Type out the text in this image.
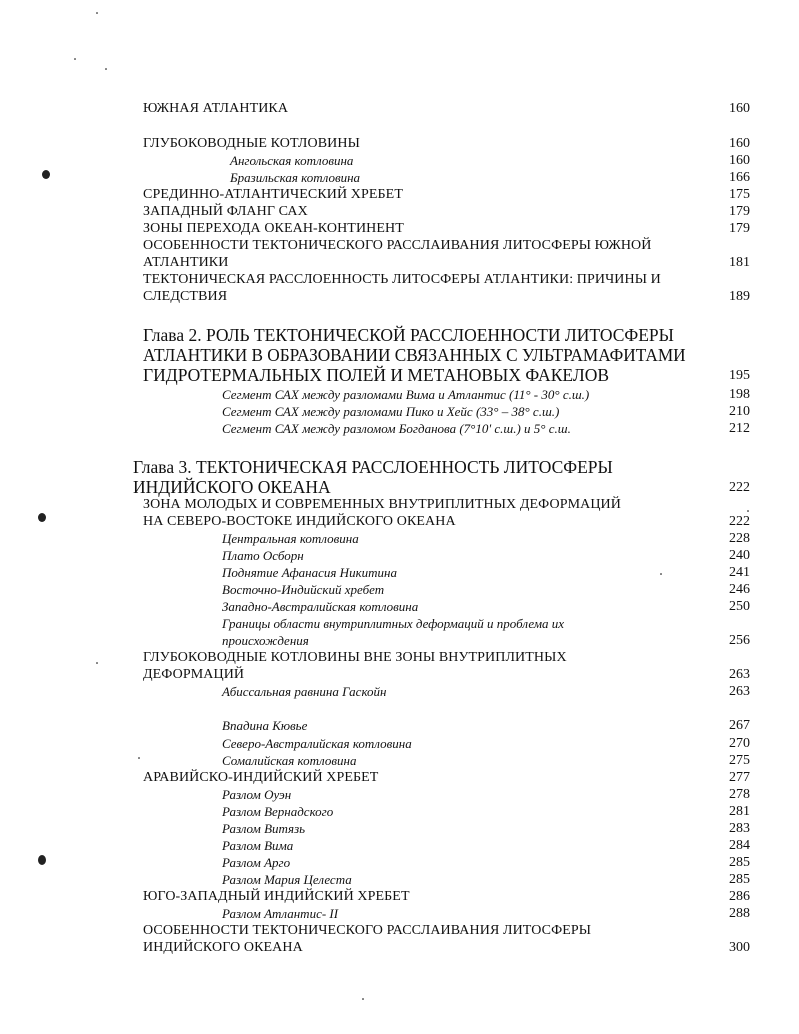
ЮЖНАЯ АТЛАНТИКА	160
ГЛУБОКОВОДНЫЕ КОТЛОВИНЫ	160
Ангольская котловина	160
Бразильская котловина	166
СРЕДИННО-АТЛАНТИЧЕСКИЙ ХРЕБЕТ	175
ЗАПАДНЫЙ ФЛАНГ САХ	179
ЗОНЫ ПЕРЕХОДА ОКЕАН-КОНТИНЕНТ	179
ОСОБЕННОСТИ ТЕКТОНИЧЕСКОГО РАССЛАИВАНИЯ ЛИТОСФЕРЫ ЮЖНОЙ
АТЛАНТИКИ	181
ТЕКТОНИЧЕСКАЯ РАССЛОЕННОСТЬ ЛИТОСФЕРЫ АТЛАНТИКИ: ПРИЧИНЫ И
СЛЕДСТВИЯ	189
Глава 2. РОЛЬ ТЕКТОНИЧЕСКОЙ РАССЛОЕННОСТИ ЛИТОСФЕРЫ
АТЛАНТИКИ В ОБРАЗОВАНИИ СВЯЗАННЫХ С УЛЬТРАМАФИТАМИ
ГИДРОТЕРМАЛЬНЫХ ПОЛЕЙ И МЕТАНОВЫХ ФАКЕЛОВ	195
Сегмент САХ между разломами Вима и Атлантис (11° - 30° с.ш.)	198
Сегмент САХ между разломами Пико и Хейс (33° – 38° с.ш.)	210
Сегмент САХ между разломом Богданова (7°10' с.ш.) и 5° с.ш.	212
Глава 3. ТЕКТОНИЧЕСКАЯ РАССЛОЕННОСТЬ ЛИТОСФЕРЫ
ИНДИЙСКОГО ОКЕАНА	222
ЗОНА МОЛОДЫХ И СОВРЕМЕННЫХ ВНУТРИПЛИТНЫХ ДЕФОРМАЦИЙ
НА СЕВЕРО-ВОСТОКЕ ИНДИЙСКОГО ОКЕАНА	222
Центральная котловина	228
Плато Осборн	240
Поднятие Афанасия Никитина	241
Восточно-Индийский хребет	246
Западно-Австралийская котловина	250
Границы области внутриплитных деформаций и проблема их
происхождения	256
ГЛУБОКОВОДНЫЕ КОТЛОВИНЫ ВНЕ ЗОНЫ ВНУТРИПЛИТНЫХ
ДЕФОРМАЦИЙ	263
Абиссальная равнина Гаскойн	263
Впадина Кювье	267
Северо-Австралийская котловина	270
Сомалийская котловина	275
АРАВИЙСКО-ИНДИЙСКИЙ ХРЕБЕТ	277
Разлом Оуэн	278
Разлом Вернадского	281
Разлом Витязь	283
Разлом Вима	284
Разлом Арго	285
Разлом Мария Целеста	285
ЮГО-ЗАПАДНЫЙ ИНДИЙСКИЙ ХРЕБЕТ	286
Разлом Атлантис- II	288
ОСОБЕННОСТИ ТЕКТОНИЧЕСКОГО РАССЛАИВАНИЯ ЛИТОСФЕРЫ
ИНДИЙСКОГО ОКЕАНА	300
